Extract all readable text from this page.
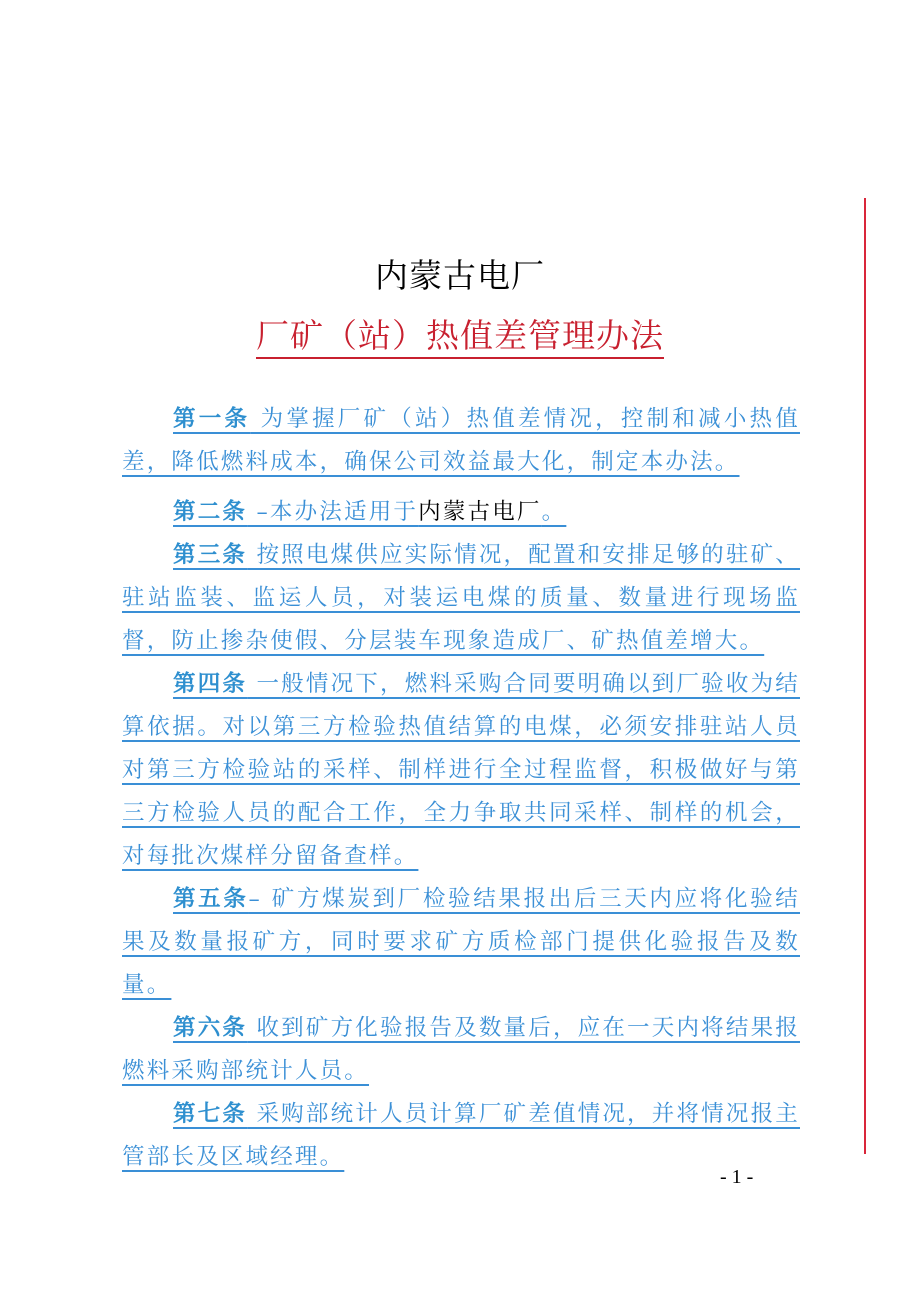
内蒙古电厂
厂矿（站）热值差管理办法

第一条 为掌握厂矿（站）热值差情况，控制和减小热值差，降低燃料成本，确保公司效益最大化，制定本办法。

第二条 –本办法适用于内蒙古电厂。

第三条 按照电煤供应实际情况，配置和安排足够的驻矿、驻站监装、监运人员，对装运电煤的质量、数量进行现场监督，防止掺杂使假、分层装车现象造成厂、矿热值差增大。

第四条 一般情况下，燃料采购合同要明确以到厂验收为结算依据。对以第三方检验热值结算的电煤，必须安排驻站人员对第三方检验站的采样、制样进行全过程监督，积极做好与第三方检验人员的配合工作，全力争取共同采样、制样的机会，对每批次煤样分留备查样。

第五条– 矿方煤炭到厂检验结果报出后三天内应将化验结果及数量报矿方，同时要求矿方质检部门提供化验报告及数量。

第六条 收到矿方化验报告及数量后，应在一天内将结果报燃料采购部统计人员。

第七条 采购部统计人员计算厂矿差值情况，并将情况报主管部长及区域经理。

- 1 -
